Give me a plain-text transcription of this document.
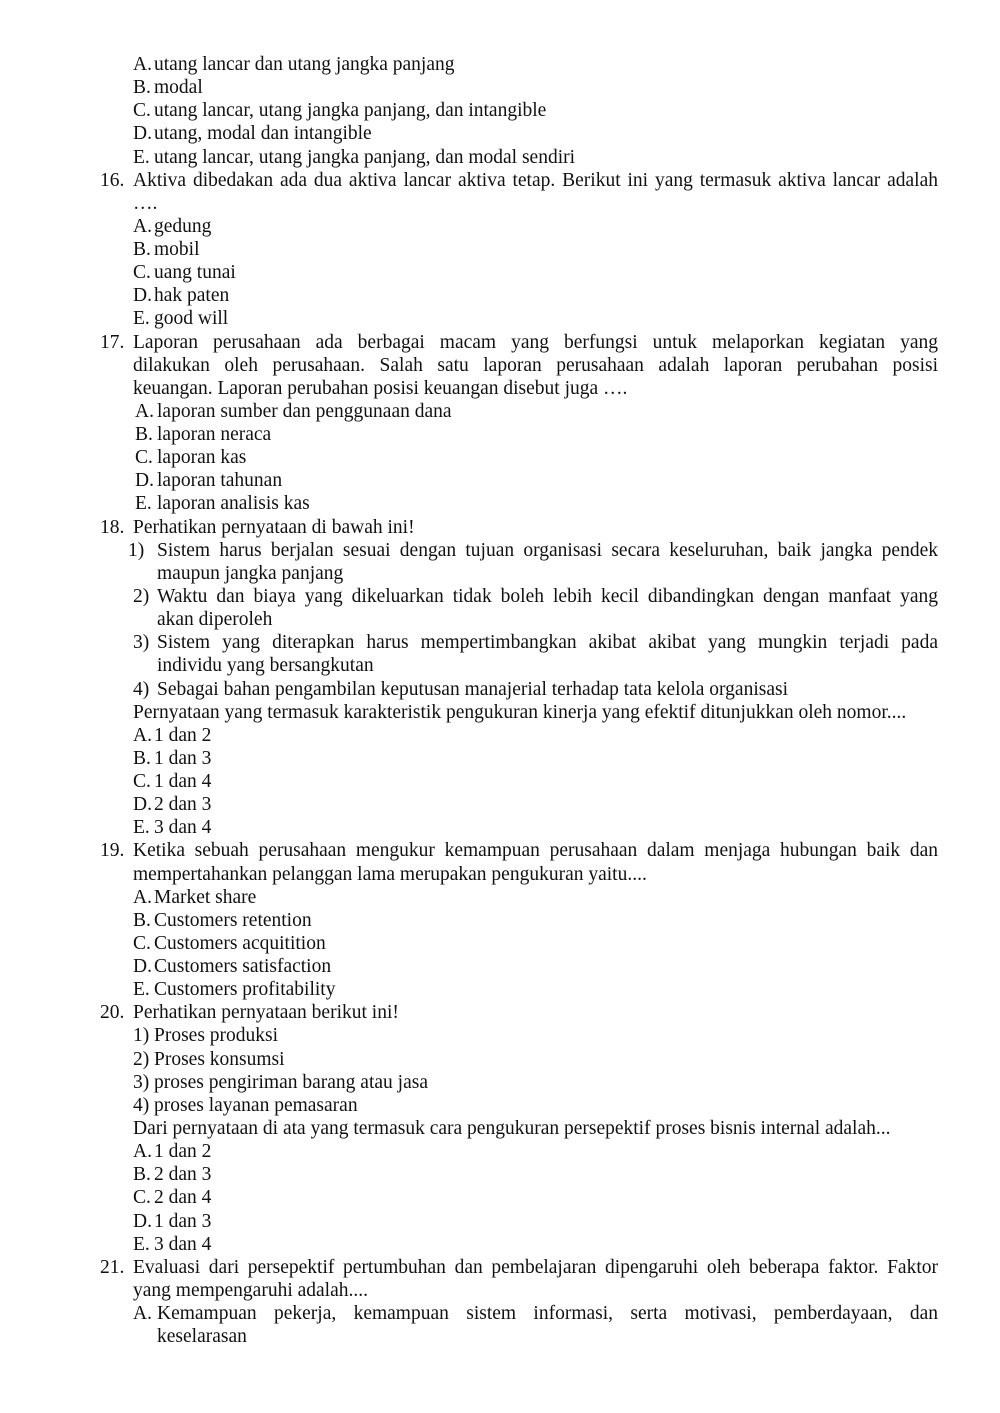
A. utang lancar dan utang jangka panjang
B. modal
C. utang lancar, utang jangka panjang, dan intangible
D. utang, modal dan intangible
E. utang lancar, utang jangka panjang, dan modal sendiri
16. Aktiva dibedakan ada dua aktiva lancar aktiva tetap. Berikut ini yang termasuk aktiva lancar adalah
….
A. gedung
B. mobil
C. uang tunai
D. hak paten
E. good will
17. Laporan perusahaan ada berbagai macam yang berfungsi untuk melaporkan kegiatan yang
dilakukan oleh perusahaan. Salah satu laporan perusahaan adalah laporan perubahan posisi
keuangan. Laporan perubahan posisi keuangan disebut juga ….
A. laporan sumber dan penggunaan dana
B. laporan neraca
C. laporan kas
D. laporan tahunan
E. laporan analisis kas
18. Perhatikan pernyataan di bawah ini!
1) Sistem harus berjalan sesuai dengan tujuan organisasi secara keseluruhan, baik jangka pendek
maupun jangka panjang
2) Waktu dan biaya yang dikeluarkan tidak boleh lebih kecil dibandingkan dengan manfaat yang
akan diperoleh
3) Sistem yang diterapkan harus mempertimbangkan akibat akibat yang mungkin terjadi pada
individu yang bersangkutan
4) Sebagai bahan pengambilan keputusan manajerial terhadap tata kelola organisasi
Pernyataan yang termasuk karakteristik pengukuran kinerja yang efektif ditunjukkan oleh nomor....
A. 1 dan 2
B. 1 dan 3
C. 1 dan 4
D. 2 dan 3
E. 3 dan 4
19. Ketika sebuah perusahaan mengukur kemampuan perusahaan dalam menjaga hubungan baik dan
mempertahankan pelanggan lama merupakan pengukuran yaitu....
A. Market share
B. Customers retention
C. Customers acquitition
D. Customers satisfaction
E. Customers profitability
20. Perhatikan pernyataan berikut ini!
1) Proses produksi
2) Proses konsumsi
3) proses pengiriman barang atau jasa
4) proses layanan pemasaran
Dari pernyataan di ata yang termasuk cara pengukuran persepektif proses bisnis internal adalah...
A. 1 dan 2
B. 2 dan 3
C. 2 dan 4
D. 1 dan 3
E. 3 dan 4
21. Evaluasi dari persepektif pertumbuhan dan pembelajaran dipengaruhi oleh beberapa faktor. Faktor
yang mempengaruhi adalah....
A. Kemampuan pekerja, kemampuan sistem informasi, serta motivasi, pemberdayaan, dan
keselarasan
